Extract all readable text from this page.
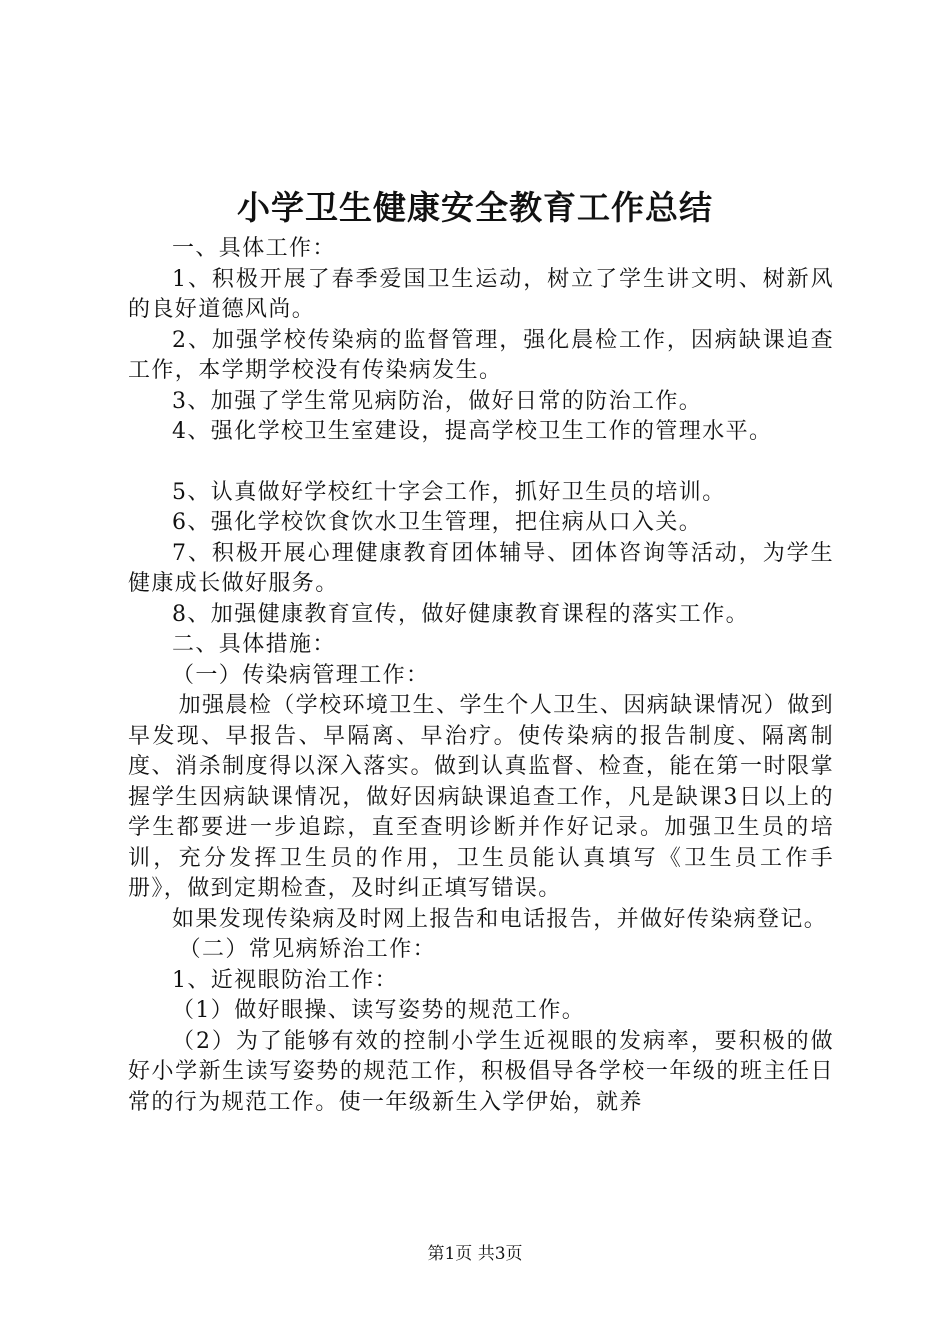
小学卫生健康安全教育工作总结

一、具体工作：

1、积极开展了春季爱国卫生运动，树立了学生讲文明、树新风的良好道德风尚。

2、加强学校传染病的监督管理，强化晨检工作，因病缺课追查工作，本学期学校没有传染病发生。

3、加强了学生常见病防治，做好日常的防治工作。

4、强化学校卫生室建设，提高学校卫生工作的管理水平。

5、认真做好学校红十字会工作，抓好卫生员的培训。

6、强化学校饮食饮水卫生管理，把住病从口入关。

7、积极开展心理健康教育团体辅导、团体咨询等活动，为学生健康成长做好服务。

8、加强健康教育宣传，做好健康教育课程的落实工作。

二、具体措施：

（一）传染病管理工作：

加强晨检（学校环境卫生、学生个人卫生、因病缺课情况）做到早发现、早报告、早隔离、早治疗。使传染病的报告制度、隔离制度、消杀制度得以深入落实。做到认真监督、检查，能在第一时限掌握学生因病缺课情况，做好因病缺课追查工作，凡是缺课3日以上的学生都要进一步追踪，直至查明诊断并作好记录。加强卫生员的培训，充分发挥卫生员的作用，卫生员能认真填写《卫生员工作手册》，做到定期检查，及时纠正填写错误。

如果发现传染病及时网上报告和电话报告，并做好传染病登记。

（二）常见病矫治工作：

1、近视眼防治工作：

（1）做好眼操、读写姿势的规范工作。

（2）为了能够有效的控制小学生近视眼的发病率，要积极的做好小学新生读写姿势的规范工作，积极倡导各学校一年级的班主任日常的行为规范工作。使一年级新生入学伊始，就养

第1页 共3页
